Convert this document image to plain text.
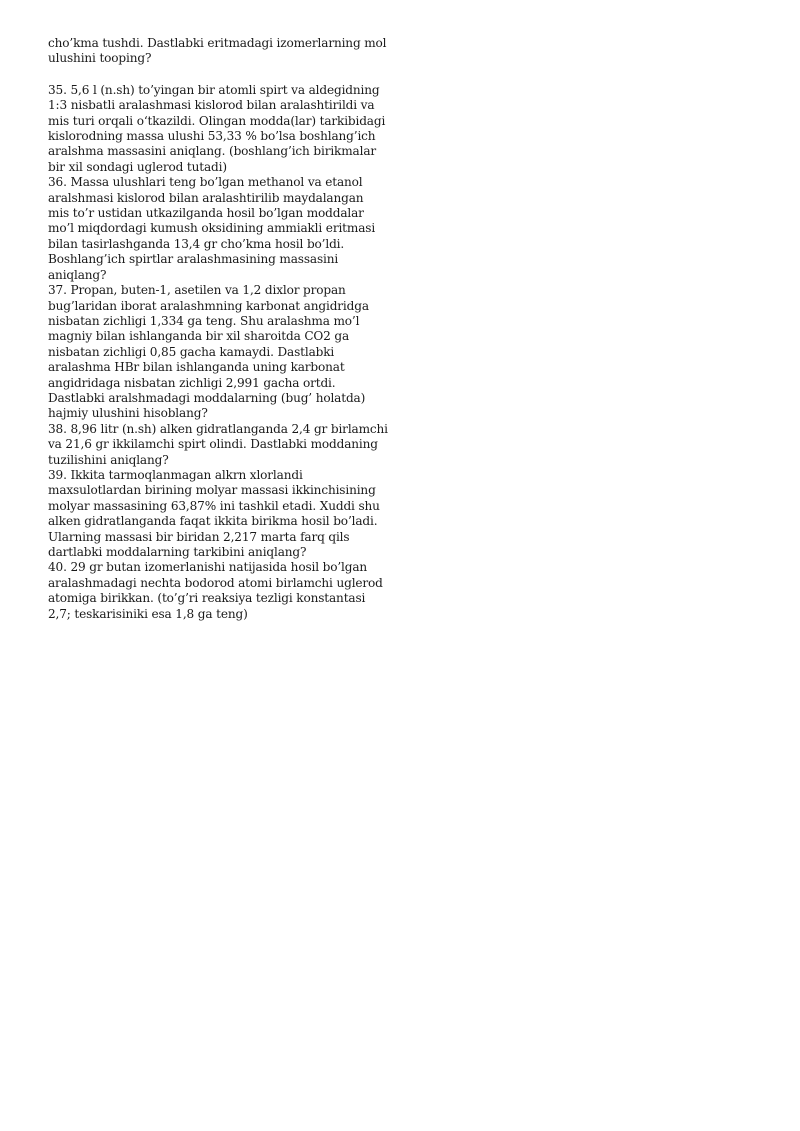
cho’kma tushdi. Dastlabki eritmadagi izomerlarning mol ulushini tooping?

35. 5,6 l (n.sh) to’yingan bir atomli spirt va aldegidning 1:3 nisbatli aralashmasi kislorod bilan aralashtirildi va mis turi orqali o‘tkazildi. Olingan modda(lar) tarkibidagi kislorodning massa ulushi 53,33 % bo’lsa boshlang’ich aralshma massasini aniqlang. (boshlang’ich birikmalar bir xil sondagi uglerod tutadi)

36. Massa ulushlari teng bo’lgan methanol va etanol aralshmasi kislorod bilan aralashtirilib maydalangan mis to’r ustidan utkazilganda hosil bo’lgan moddalar mo’l miqdordagi kumush oksidining ammiakli eritmasi bilan tasirlashganda 13,4 gr cho’kma hosil bo’ldi. Boshlang’ich spirtlar aralashmasining massasini aniqlang?

37. Propan, buten-1, asetilen va 1,2 dixlor propan bug’laridan iborat aralashmning karbonat angidridga nisbatan zichligi 1,334 ga teng. Shu aralashma mo’l magniy bilan ishlanganda bir xil sharoitda CO2 ga nisbatan zichligi 0,85 gacha kamaydi. Dastlabki aralashma HBr bilan ishlanganda uning karbonat angidridaga nisbatan zichligi 2,991 gacha ortdi. Dastlabki aralshmadagi moddalarning (bug’ holatda) hajmiy ulushini hisoblang?

38. 8,96 litr (n.sh) alken gidratlanganda 2,4 gr birlamchi va 21,6 gr ikkilamchi spirt olindi. Dastlabki moddaning tuzilishini aniqlang?

39. Ikkita tarmoqlanmagan alkrn xlorlandi maxsulotlardan birining molyar massasi ikkinchisining molyar massasining 63,87% ini tashkil etadi. Xuddi shu alken gidratlanganda faqat ikkita birikma hosil bo’ladi. Ularning massasi bir biridan 2,217 marta farq qils dartlabki moddalarning tarkibini aniqlang?

40. 29 gr butan izomerlanishi natijasida hosil bo’lgan aralashmadagi nechta bodorod atomi birlamchi uglerod atomiga birikkan. (to’g’ri reaksiya tezligi konstantasi 2,7; teskarisiniki esa 1,8 ga teng)
